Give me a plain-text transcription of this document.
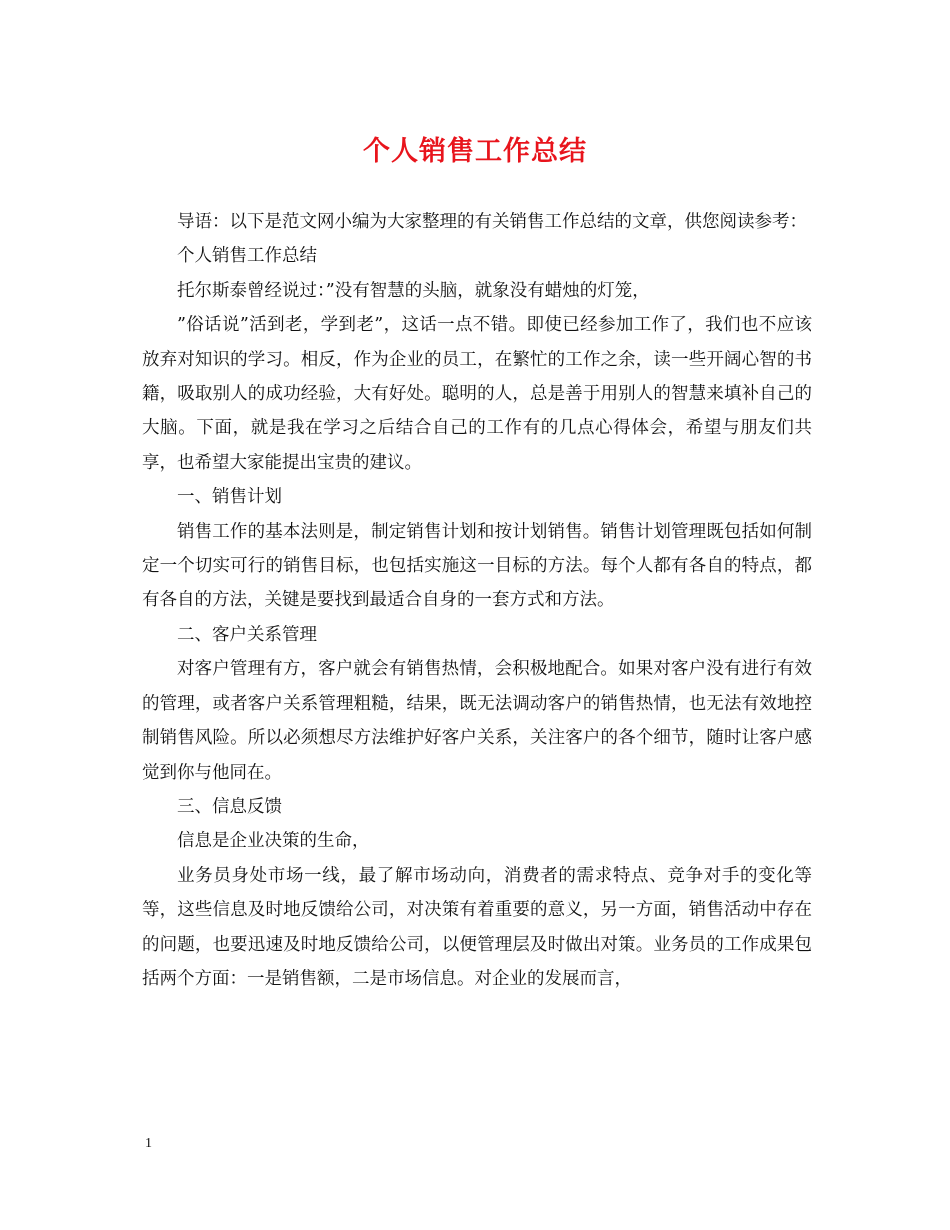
个人销售工作总结

导语：以下是范文网小编为大家整理的有关销售工作总结的文章，供您阅读参考：

个人销售工作总结

托尔斯泰曾经说过：”没有智慧的头脑，就象没有蜡烛的灯笼，

”俗话说”活到老，学到老”，这话一点不错。即使已经参加工作了，我们也不应该放弃对知识的学习。相反，作为企业的员工，在繁忙的工作之余，读一些开阔心智的书籍，吸取别人的成功经验，大有好处。聪明的人，总是善于用别人的智慧来填补自己的大脑。下面，就是我在学习之后结合自己的工作有的几点心得体会，希望与朋友们共享，也希望大家能提出宝贵的建议。

一、销售计划

销售工作的基本法则是，制定销售计划和按计划销售。销售计划管理既包括如何制定一个切实可行的销售目标，也包括实施这一目标的方法。每个人都有各自的特点，都有各自的方法，关键是要找到最适合自身的一套方式和方法。

二、客户关系管理

对客户管理有方，客户就会有销售热情，会积极地配合。如果对客户没有进行有效的管理，或者客户关系管理粗糙，结果，既无法调动客户的销售热情，也无法有效地控制销售风险。所以必须想尽方法维护好客户关系，关注客户的各个细节，随时让客户感觉到你与他同在。

三、信息反馈

信息是企业决策的生命，

业务员身处市场一线，最了解市场动向，消费者的需求特点、竞争对手的变化等等，这些信息及时地反馈给公司，对决策有着重要的意义，另一方面，销售活动中存在的问题，也要迅速及时地反馈给公司，以便管理层及时做出对策。业务员的工作成果包括两个方面：一是销售额，二是市场信息。对企业的发展而言，

1
